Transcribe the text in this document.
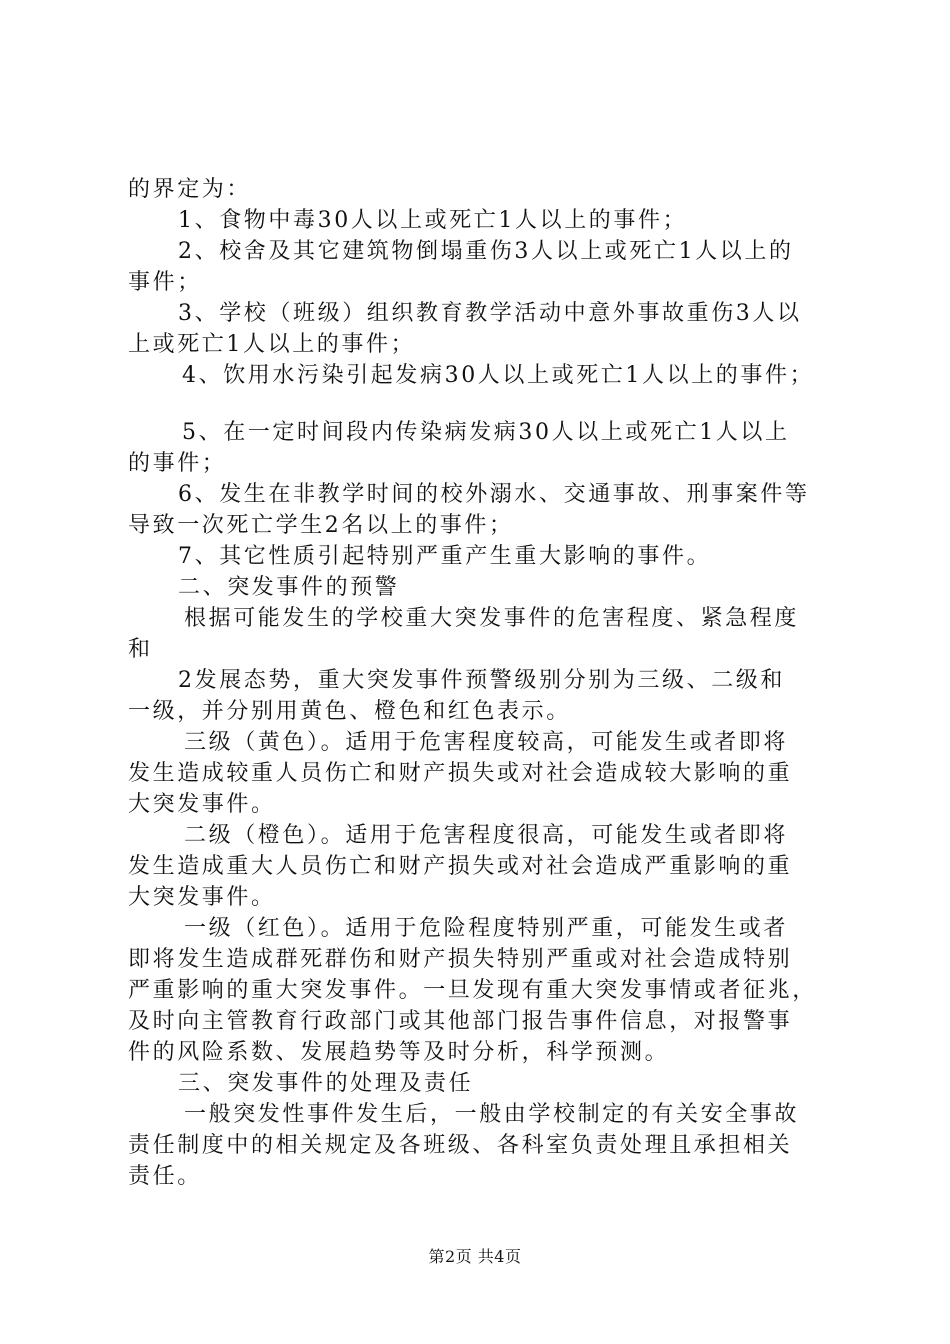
的界定为：
1、食物中毒30人以上或死亡1人以上的事件；
2、校舍及其它建筑物倒塌重伤3人以上或死亡1人以上的
事件；
3、学校（班级）组织教育教学活动中意外事故重伤3人以
上或死亡1人以上的事件；
4、饮用水污染引起发病30人以上或死亡1人以上的事件；
5、在一定时间段内传染病发病30人以上或死亡1人以上
的事件；
6、发生在非教学时间的校外溺水、交通事故、刑事案件等
导致一次死亡学生2名以上的事件；
7、其它性质引起特别严重产生重大影响的事件。
二、突发事件的预警
根据可能发生的学校重大突发事件的危害程度、紧急程度
和
2发展态势，重大突发事件预警级别分别为三级、二级和
一级，并分别用黄色、橙色和红色表示。
三级（黄色）。适用于危害程度较高，可能发生或者即将
发生造成较重人员伤亡和财产损失或对社会造成较大影响的重
大突发事件。
二级（橙色）。适用于危害程度很高，可能发生或者即将
发生造成重大人员伤亡和财产损失或对社会造成严重影响的重
大突发事件。
一级（红色）。适用于危险程度特别严重，可能发生或者
即将发生造成群死群伤和财产损失特别严重或对社会造成特别
严重影响的重大突发事件。一旦发现有重大突发事情或者征兆，
及时向主管教育行政部门或其他部门报告事件信息，对报警事
件的风险系数、发展趋势等及时分析，科学预测。
三、突发事件的处理及责任
一般突发性事件发生后，一般由学校制定的有关安全事故
责任制度中的相关规定及各班级、各科室负责处理且承担相关
责任。
第2页 共4页
